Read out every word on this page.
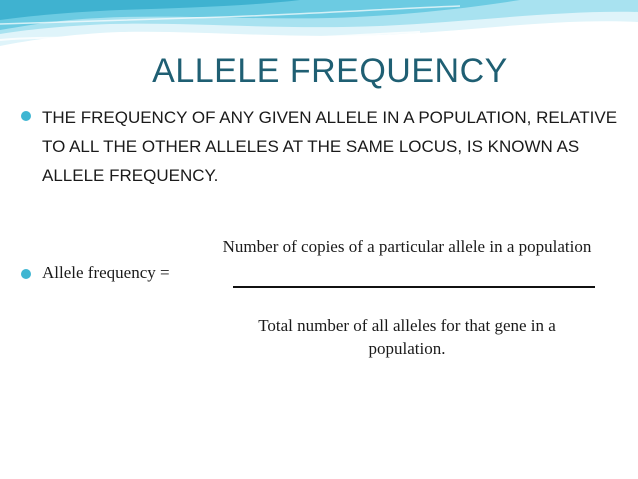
ALLELE FREQUENCY
THE FREQUENCY OF ANY GIVEN ALLELE IN A POPULATION, RELATIVE TO ALL THE OTHER ALLELES AT THE SAME LOCUS, IS KNOWN AS ALLELE FREQUENCY.
Allele frequency =
Number of copies of a particular allele in a population
Total number of all alleles for that gene in a population.
